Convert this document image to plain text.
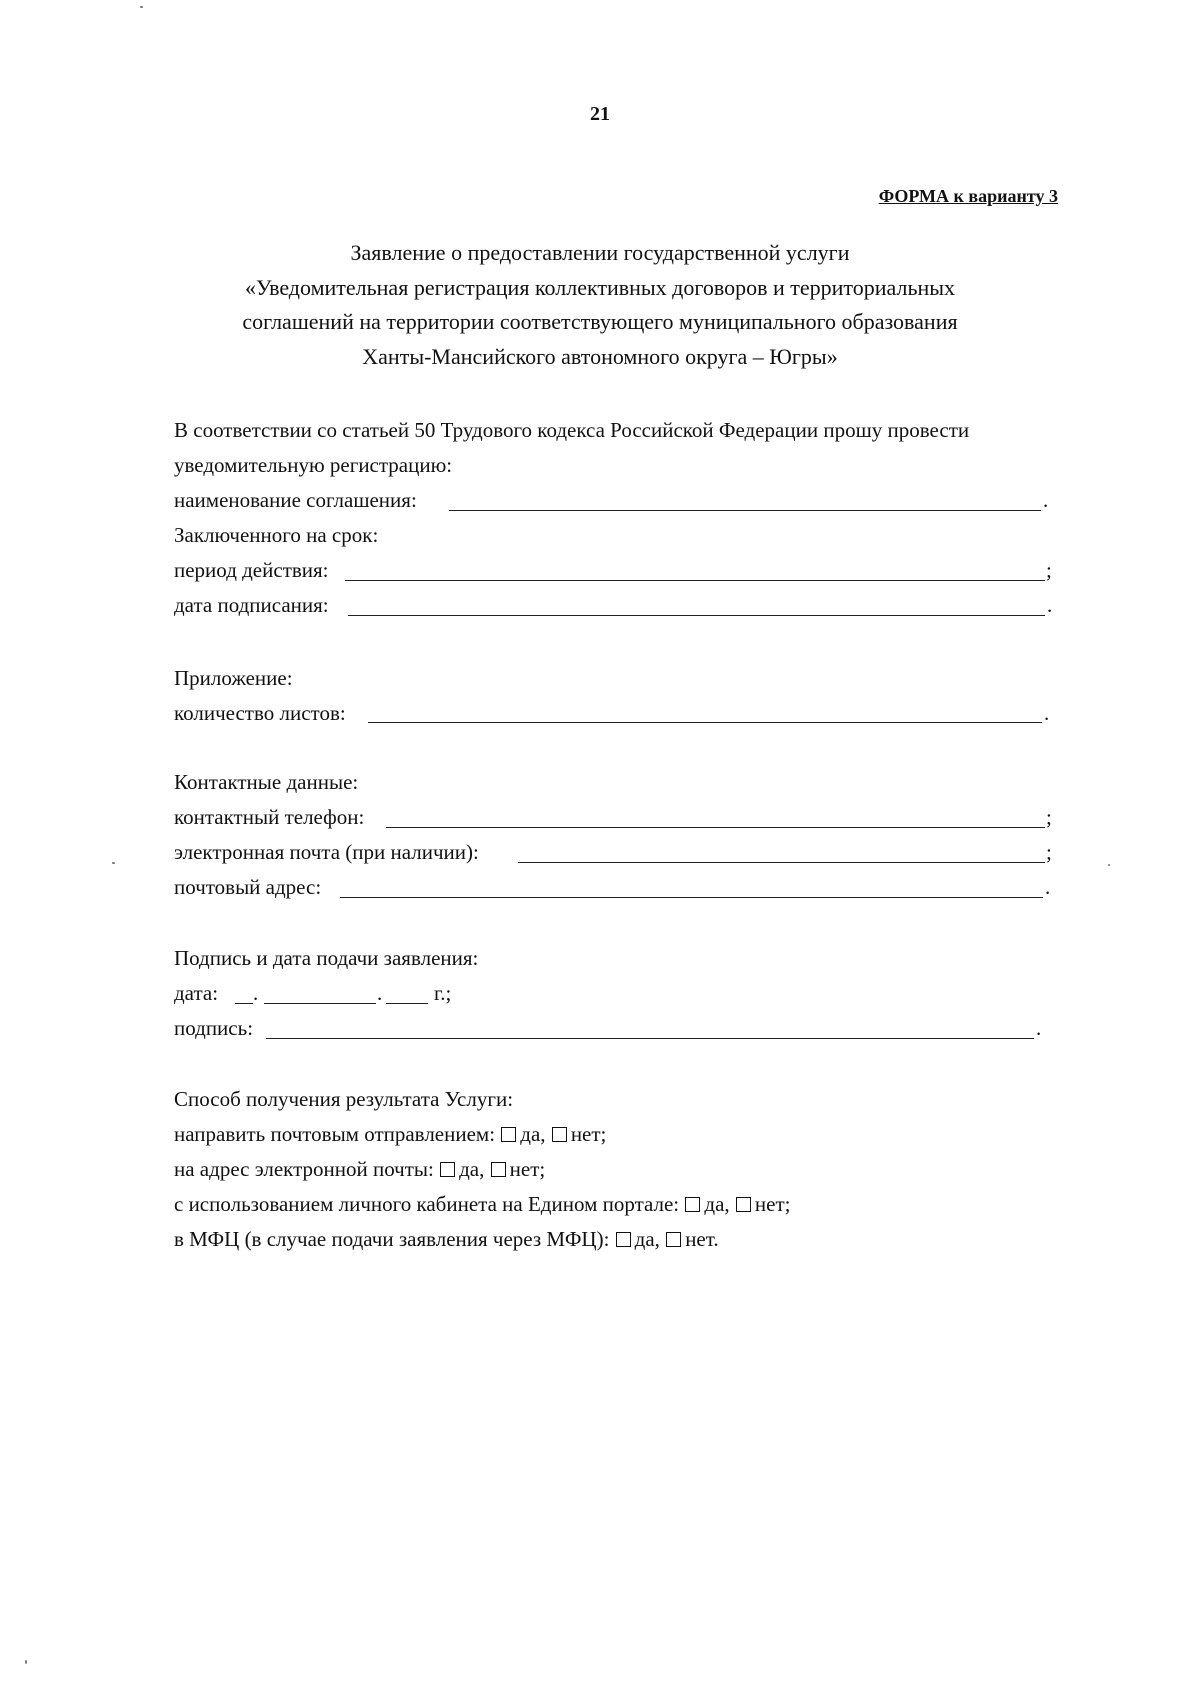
21
ФОРМА к варианту 3
Заявление о предоставлении государственной услуги
«Уведомительная регистрация коллективных договоров и территориальных
соглашений на территории соответствующего муниципального образования
Ханты-Мансийского автономного округа – Югры»
В соответствии со статьей 50 Трудового кодекса Российской Федерации прошу провести
уведомительную регистрацию:
наименование соглашения:	.
Заключенного на срок:
период действия:	;
дата подписания:	.
Приложение:
количество листов:	.
Контактные данные:
контактный телефон:	;
электронная почта (при наличии):	;
почтовый адрес:	.
Подпись и дата подачи заявления:
дата: .	. г.;
подпись:	.
Способ получения результата Услуги:
направить почтовым отправлением: да, нет;
на адрес электронной почты: да, нет;
с использованием личного кабинета на Едином портале: да, нет;
в МФЦ (в случае подачи заявления через МФЦ): да, нет.
